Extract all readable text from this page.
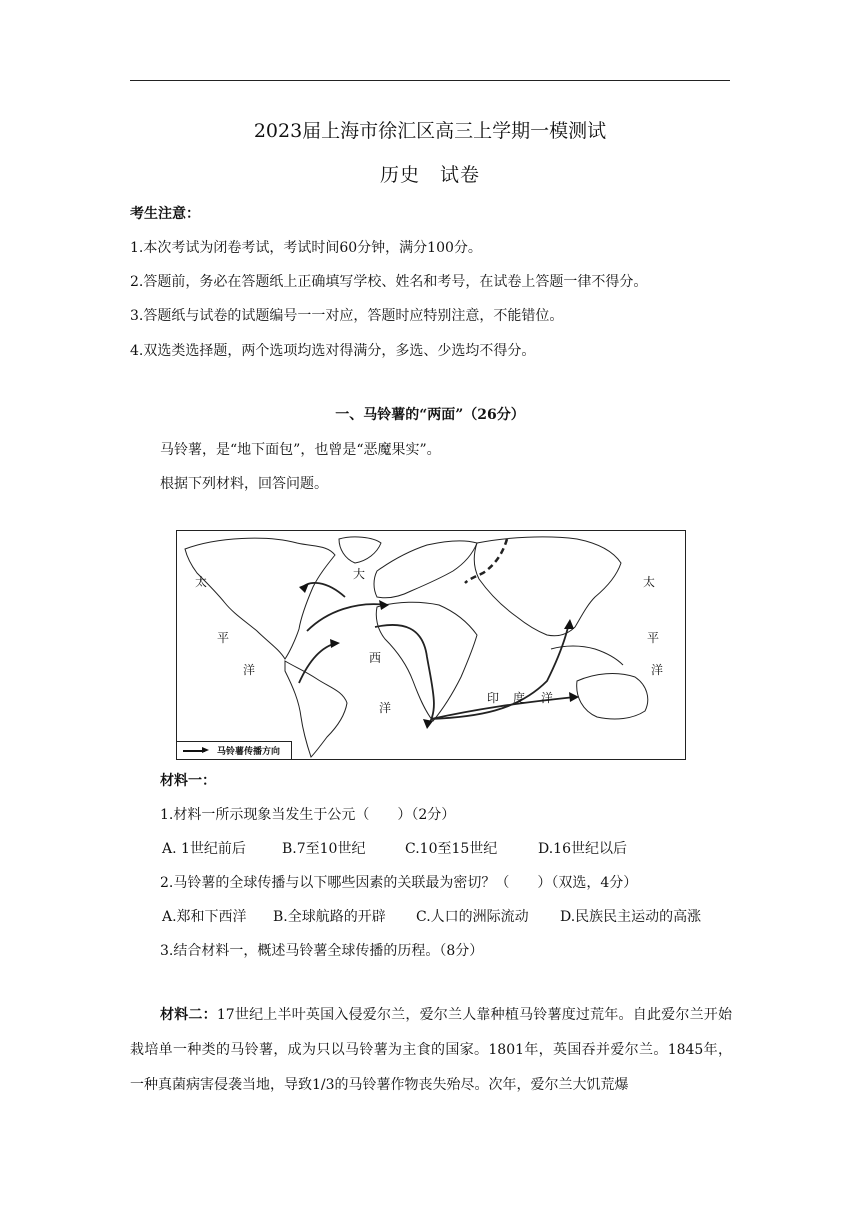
2023届上海市徐汇区高三上学期一模测试
历史　试卷
考生注意：
1.本次考试为闭卷考试，考试时间60分钟，满分100分。
2.答题前，务必在答题纸上正确填写学校、姓名和考号，在试卷上答题一律不得分。
3.答题纸与试卷的试题编号一一对应，答题时应特别注意，不能错位。
4.双选类选择题，两个选项均选对得满分，多选、少选均不得分。
一、马铃薯的“两面”（26分）
马铃薯，是“地下面包”，也曾是“恶魔果实”。
根据下列材料，回答问题。
太
平
洋
大
西
洋
印 度 洋
太
平
洋
马铃薯传播方向
材料一：
1.材料一所示现象当发生于公元（　　）（2分）
A. 1世纪前后	B.7至10世纪	C.10至15世纪	D.16世纪以后
2.马铃薯的全球传播与以下哪些因素的关联最为密切？（　　）（双选，4分）
A.郑和下西洋 B.全球航路的开辟 C.人口的洲际流动 D.民族民主运动的高涨
3.结合材料一，概述马铃薯全球传播的历程。（8分）
材料二：17世纪上半叶英国入侵爱尔兰，爱尔兰人靠种植马铃薯度过荒年。自此爱尔兰开始栽培单一种类的马铃薯，成为只以马铃薯为主食的国家。1801年，英国吞并爱尔兰。1845年，一种真菌病害侵袭当地，导致1/3的马铃薯作物丧失殆尽。次年，爱尔兰大饥荒爆
